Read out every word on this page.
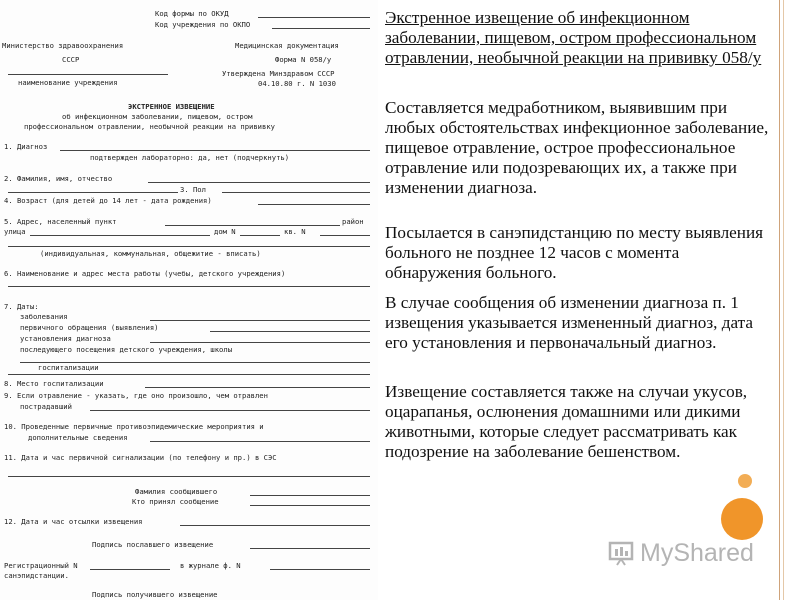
Код формы по ОКУД
Код учреждения по ОКПО
Министерство здравоохранения	Медицинская документация
СССР	Форма N 058/у
наименование учреждения
Утверждена Минздравом СССР
04.10.80 г. N 1030
ЭКСТРЕННОЕ ИЗВЕЩЕНИЕ
об инфекционном заболевании, пищевом, остром
профессиональном отравлении, необычной реакции на прививку
1. Диагноз
подтвержден лабораторно: да, нет (подчеркнуть)
2. Фамилия, имя, отчество
3. Пол
4. Возраст (для детей до 14 лет - дата рождения)
5. Адрес, населенный пункт	район
улица	дом N	кв. N
(индивидуальная, коммунальная, общежитие - вписать)
6. Наименование и адрес места работы (учебы, детского учреждения)
7. Даты:
заболевания
первичного обращения (выявления)
установления диагноза
последующего посещения детского учреждения, школы
госпитализации
8. Место госпитализации
9. Если отравление - указать, где оно произошло, чем отравлен
пострадавший
10. Проведенные первичные противоэпидемические мероприятия и
дополнительные сведения
11. Дата и час первичной сигнализации (по телефону и пр.) в СЭС
Фамилия сообщившего
Кто принял сообщение
12. Дата и час отсылки извещения
Подпись пославшего извещение
Регистрационный N	в журнале ф. N
санэпидстанции.
Подпись получившего извещение
Экстренное извещение об инфекционном заболевании, пищевом, остром профессиональном отравлении, необычной реакции на прививку 058/у
Составляется медработником, выявившим при любых обстоятельствах инфекционное заболевание, пищевое отравление, острое профессиональное отравление или подозревающих их, а также при изменении диагноза.
Посылается в санэпидстанцию по месту выявления больного не позднее 12 часов с момента обнаружения больного.
В случае сообщения об изменении диагноза п. 1 извещения указывается измененный диагноз, дата его установления и первоначальный диагноз.
Извещение составляется также на случаи укусов, оцарапанья, ослюнения домашними или дикими животными, которые следует рассматривать как подозрение на заболевание бешенством.
MyShared
